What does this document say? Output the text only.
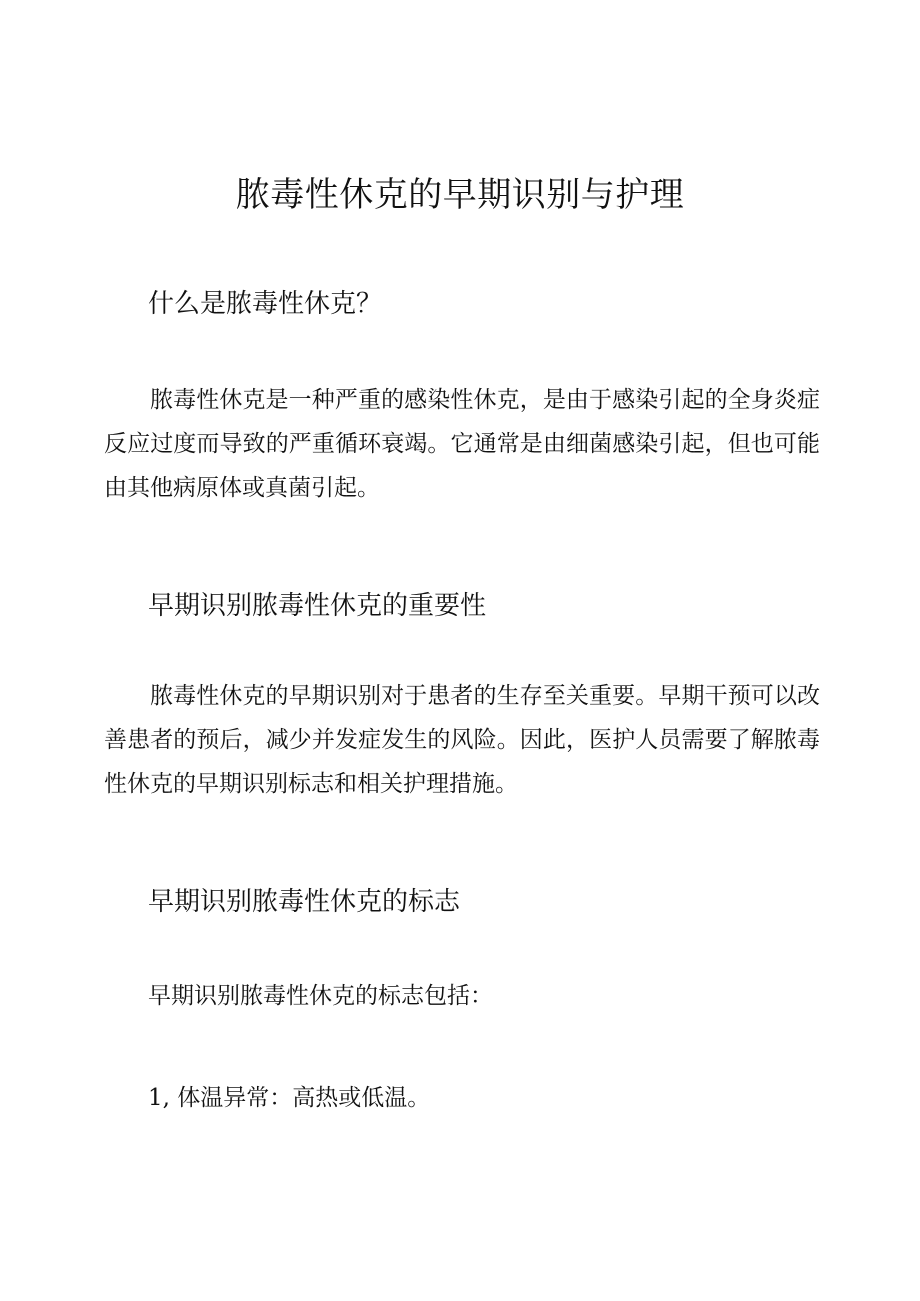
脓毒性休克的早期识别与护理
什么是脓毒性休克？

脓毒性休克是一种严重的感染性休克，是由于感染引起的全身炎症反应过度而导致的严重循环衰竭。它通常是由细菌感染引起，但也可能由其他病原体或真菌引起。

早期识别脓毒性休克的重要性

脓毒性休克的早期识别对于患者的生存至关重要。早期干预可以改善患者的预后，减少并发症发生的风险。因此，医护人员需要了解脓毒性休克的早期识别标志和相关护理措施。

早期识别脓毒性休克的标志

早期识别脓毒性休克的标志包括：

1, 体温异常：高热或低温。
